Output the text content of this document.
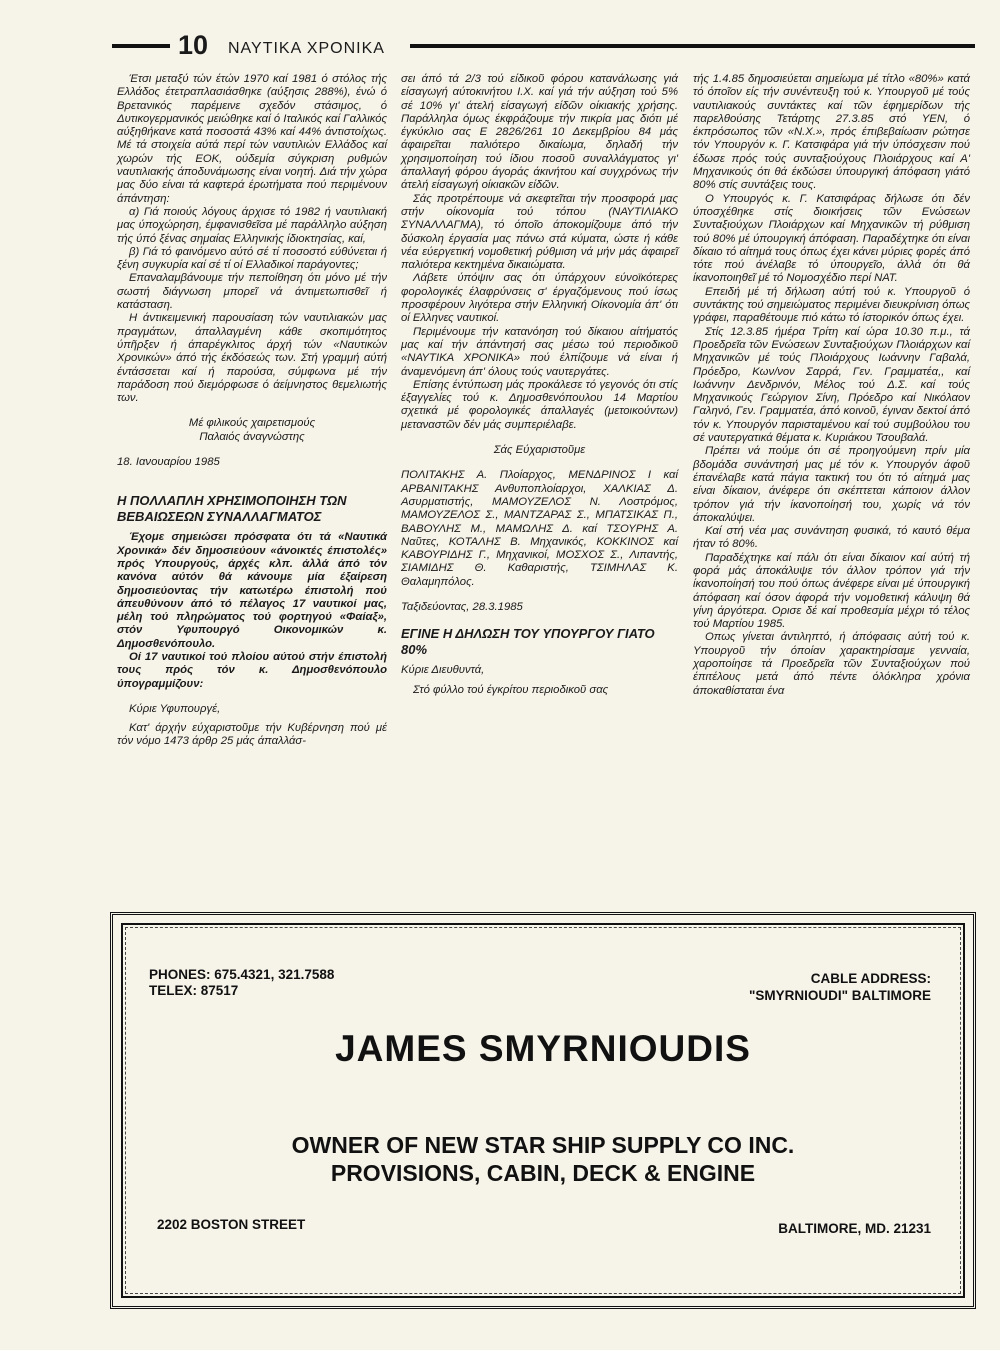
10 ΝΑΥΤΙΚΑ ΧΡΟΝΙΚΑ

Έτσι μεταξύ τών έτών 1970 καί 1981 ό στόλος τής Ελλάδος έτετραπλασιάσθηκε (αύξησις 288%), ένώ ό Βρετανικός παρέμεινε σχεδόν στάσιμος, ό Δυτικογερμανικός μειώθηκε καί ό Ιταλικός καί Γαλλικός αύξηθήκανε κατά ποσοστά 43% καί 44% άντιστοίχως. Μέ τά στοιχεία αύτά περί τών ναυτιλιών Ελλάδος καί χωρών τής ΕΟΚ, ούδεμία σύγκριση ρυθμών ναυτιλιακής άποδυνάμωσης είναι νοητή. Διά τήν χώρα μας δύο είναι τά καφτερά έρωτήματα πού περιμένουν άπάντηση:

α) Γιά ποιούς λόγους άρχισε τό 1982 ή ναυτιλιακή μας ύποχώρηση, έμφανισθεῖσα μέ παράλληλο αύξηση τής ύπό ξένας σημαίας Ελληνικής ίδιοκτησίας, καί,

β) Γιά τό φαινόμενο αύτό σέ τί ποσοστό εύθύνεται ή ξένη συγκυρία καί σέ τί οί Ελλαδικοί παράγοντες;

Επαναλαμβάνουμε τήν πεποίθηση ότι μόνο μέ τήν σωστή διάγνωση μπορεῖ νά άντιμετωπισθεῖ ή κατάσταση.

Η άντικειμενική παρουσίαση τών ναυτιλιακών μας πραγμάτων, άπαλλαγμένη κάθε σκοπιμότητος ύπῆρξεν ή άπαρέγκλιτος άρχή τών «Ναυτικών Χρονικών» άπό τής έκδόσεώς των. Στή γραμμή αύτή έντάσσεται καί ή παρούσα, σύμφωνα μέ τήν παράδοση πού διεμόρφωσε ό άείμνηστος θεμελιωτής των.

Μέ φιλικούς χαιρετισμούς

Παλαιός άναγνώστης

18. Ιανουαρίου 1985

Η ΠΟΛΛΑΠΛΗ ΧΡΗΣΙΜΟΠΟΙΗΣΗ ΤΩΝ ΒΕΒΑΙΩΣΕΩΝ ΣΥΝΑΛΛΑΓΜΑΤΟΣ

Έχομε σημειώσει πρόσφατα ότι τά «Ναυτικά Χρονικά» δέν δημοσιεύουν «άνοικτές έπιστολές» πρός Υπουργούς, άρχές κλπ. άλλά άπό τόν κανόνα αύτόν θά κάνουμε μία έξαίρεση δημοσιεύοντας τήν κατωτέρω έπιστολή πού άπευθύνουν άπό τό πέλαγος 17 ναυτικοί μας, μέλη τού πληρώματος τού φορτηγού «Φαίαξ», στόν Υφυπουργό Οικονομικών κ. Δημοσθενόπουλο.

Οί 17 ναυτικοί τού πλοίου αύτού στήν έπιστολή τους πρός τόν κ. Δημοσθενόπουλο ύπογραμμίζουν:

Κύριε Υφυπουργέ,

Κατ' άρχήν εύχαριστοῦμε τήν Κυβέρνηση πού μέ τόν νόμο 1473 άρθρ 25 μάς άπαλλάσ-

σει άπό τά 2/3 τού είδικοῦ φόρου κατανάλωσης γιά είσαγωγή αύτοκινήτου Ι.Χ. καί γιά τήν αύξηση τού 5% σέ 10% γι' άτελή είσαγωγή είδῶν οίκιακής χρήσης. Παράλληλα όμως έκφράζουμε τήν πικρία μας διότι μέ έγκύκλιο σας Ε 2826/261 10 Δεκεμβρίου 84 μάς άφαιρεῖται παλιότερο δικαίωμα, δηλαδή τήν χρησιμοποίηση τού ίδιου ποσοῦ συναλλάγματος γι' άπαλλαγή φόρου άγοράς άκινήτου καί συγχρόνως τήν άτελή είσαγωγή οίκιακῶν είδῶν.

Σάς προτρέπουμε νά σκεφτεῖται τήν προσφορά μας στήν οίκονομία τού τόπου (ΝΑΥΤΙΛΙΑΚΟ ΣΥΝΑΛΛΑΓΜΑ), τό όποῖο άποκομίζουμε άπό τήν δύσκολη έργασία μας πάνω στά κύματα, ώστε ή κάθε νέα εύεργετική νομοθετική ρύθμιση νά μήν μάς άφαιρεῖ παλιότερα κεκτημένα δικαιώματα.

Λάβετε ύπόψιν σας ότι ύπάρχουν εύνοϊκότερες φορολογικές έλαφρύνσεις σ' έργαζόμενους πού ίσως προσφέρουν λιγότερα στήν Ελληνική Οίκονομία άπ' ότι οί Ελληνες ναυτικοί.

Περιμένουμε τήν κατανόηση τού δίκαιου αίτήματός μας καί τήν άπάντησή σας μέσω τού περιοδικοῦ «ΝΑΥΤΙΚΑ ΧΡΟΝΙΚΑ» πού έλπίζουμε νά είναι ή άναμενόμενη άπ' όλους τούς ναυτεργάτες.

Επίσης έντύπωση μάς προκάλεσε τό γεγονός ότι στίς έξαγγελίες τού κ. Δημοσθενόπουλου 14 Μαρτίου σχετικά μέ φορολογικές άπαλλαγές (μετοικούντων) μεταναστῶν δέν μάς συμπεριέλαβε.

Σάς Εύχαριστοῦμε

ΠΟΛΙΤΑΚΗΣ Α. Πλοίαρχος, ΜΕΝΔΡΙΝΟΣ Ι καί ΑΡΒΑΝΙΤΑΚΗΣ Ανθυποπλοίαρχοι, ΧΑΛΚΙΑΣ Δ. Ασυρματιστής, ΜΑΜΟΥΖΕΛΟΣ Ν. Λοστρόμος, ΜΑΜΟΥΖΕΛΟΣ Σ., ΜΑΝΤΖΑΡΑΣ Σ., ΜΠΑΤΣΙΚΑΣ Π., ΒΑΒΟΥΛΗΣ Μ., ΜΑΜΩΛΗΣ Δ. καί ΤΣΟΥΡΗΣ Α. Ναῦτες, ΚΟΤΑΛΗΣ Β. Μηχανικός, ΚΟΚΚΙΝΟΣ καί ΚΑΒΟΥΡΙΔΗΣ Γ., Μηχανικοί, ΜΟΣΧΟΣ Σ., Λιπαντής, ΣΙΑΜΙΔΗΣ Θ. Καθαριστής, ΤΣΙΜΗΛΑΣ Κ. Θαλαμηπόλος.

Ταξιδεύοντας, 28.3.1985

ΕΓΙΝΕ Η ΔΗΛΩΣΗ ΤΟΥ ΥΠΟΥΡΓΟΥ ΓΙΑΤΟ 80%

Κύριε Διευθυντά,

Στό φύλλο τού έγκρίτου περιοδικοῦ σας

τής 1.4.85 δημοσιεύεται σημείωμα μέ τίτλο «80%» κατά τό όποῖον είς τήν συνέντευξη τού κ. Υπουργοῦ μέ τούς ναυτιλιακούς συντάκτες καί τῶν έφημερίδων τής παρελθούσης Τετάρτης 27.3.85 στό ΥΕΝ, ό έκπρόσωπος τῶν «Ν.Χ.», πρός έπιβεβαίωσιν ρώτησε τόν Υπουργόν κ. Γ. Κατσιφάρα γιά τήν ύπόσχεσιν πού έδωσε πρός τούς συνταξιούχους Πλοιάρχους καί Α' Μηχανικούς ότι θά έκδώσει ύπουργική άπόφαση γιάτό 80% στίς συντάξεις τους.

Ο Υπουργός κ. Γ. Κατσιφάρας δήλωσε ότι δέν ύποσχέθηκε στίς διοικήσεις τῶν Ενώσεων Συνταξιούχων Πλοιάρχων καί Μηχανικῶν τή ρύθμιση τού 80% μέ ύπουργική άπόφαση. Παραδέχτηκε ότι είναι δίκαιο τό αίτημά τους όπως έχει κάνει μύριες φορές άπό τότε πού άνέλαβε τό ύπουργεῖο, άλλά ότι θά ίκανοποιηθεῖ μέ τό Νομοσχέδιο περί ΝΑΤ.

Επειδή μέ τή δήλωση αύτή τού κ. Υπουργοῦ ό συντάκτης τού σημειώματος περιμένει διευκρίνιση όπως γράφει, παραθέτουμε πιό κάτω τό ίστορικόν όπως έχει.

Στίς 12.3.85 ήμέρα Τρίτη καί ώρα 10.30 π.μ., τά Προεδρεῖα τῶν Ενώσεων Συνταξιούχων Πλοιάρχων καί Μηχανικῶν μέ τούς Πλοιάρχους Ιωάννην Γαβαλά, Πρόεδρο, Κων/νον Σαρρά, Γεν. Γραμματέα,, καί Ιωάννην Δενδρινόν, Μέλος τού Δ.Σ. καί τούς Μηχανικούς Γεώργιον Σίνη, Πρόεδρο καί Νικόλαον Γαληνό, Γεν. Γραμματέα, άπό κοινοῦ, έγιναν δεκτοί άπό τόν κ. Υπουργόν παρισταμένου καί τού συμβούλου του σέ ναυτεργατικά θέματα κ. Κυριάκου Τσουβαλά.

Πρέπει νά πούμε ότι σέ προηγούμενη πρίν μία βδομάδα συνάντησή μας μέ τόν κ. Υπουργόν άφοῦ έπανέλαβε κατά πάγια τακτική του ότι τό αίτημά μας είναι δίκαιον, άνέφερε ότι σκέπτεται κάποιον άλλον τρόπον γιά τήν ίκανοποίησή του, χωρίς νά τόν άποκαλύψει.

Καί στή νέα μας συνάντηση φυσικά, τό καυτό θέμα ήταν τό 80%.

Παραδέχτηκε καί πάλι ότι είναι δίκαιον καί αύτή τή φορά μάς άποκάλυψε τόν άλλον τρόπον γιά τήν ίκανοποίησή του πού όπως άνέφερε είναι μέ ύπουργική άπόφαση καί όσον άφορά τήν νομοθετική κάλυψη θά γίνη άργότερα. Ορισε δέ καί προθεσμία μέχρι τό τέλος τού Μαρτίου 1985.

Οπως γίνεται άντιληπτό, ή άπόφασις αύτή τού κ. Υπουργοῦ τήν όποίαν χαρακτηρίσαμε γενναία, χαροποίησε τά Προεδρεῖα τῶν Συνταξιούχων πού έπιτέλους μετά άπό πέντε όλόκληρα χρόνια άποκαθίσταται ένα

PHONES: 675.4321, 321.7588
TELEX: 87517
CABLE ADDRESS:
"SMYRNIOUDI" BALTIMORE
JAMES SMYRNIOUDIS
OWNER OF NEW STAR SHIP SUPPLY CO INC.
PROVISIONS, CABIN, DECK & ENGINE
2202 BOSTON STREET	BALTIMORE, MD. 21231
